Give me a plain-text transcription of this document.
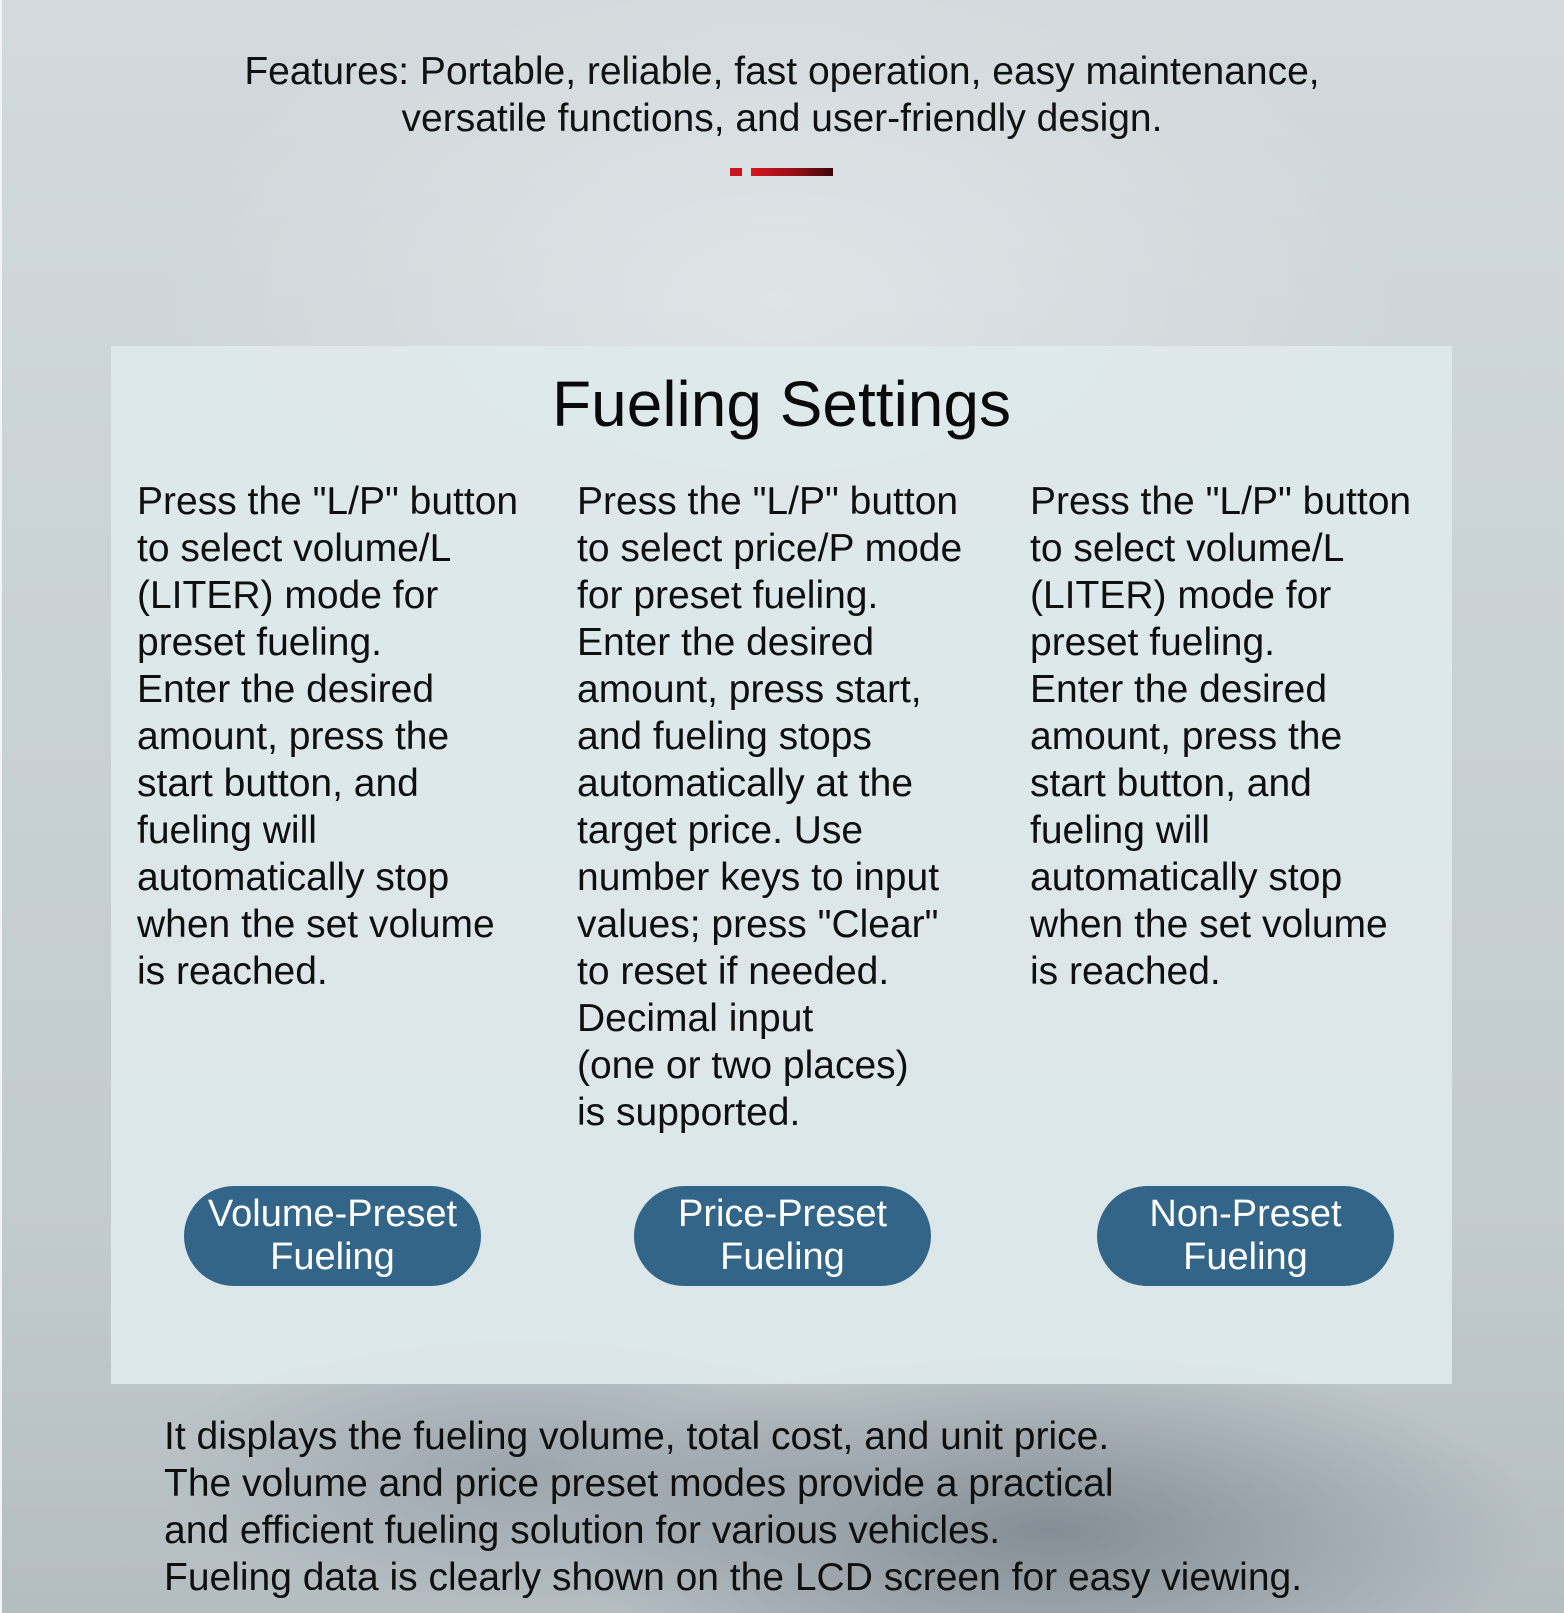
Features: Portable, reliable, fast operation, easy maintenance,
versatile functions, and user-friendly design.

Fueling Settings

Press the "L/P" button
to select volume/L
(LITER) mode for
preset fueling.
Enter the desired
amount, press the
start button, and
fueling will
automatically stop
when the set volume
is reached.

Press the "L/P" button
to select price/P mode
for preset fueling.
Enter the desired
amount, press start,
and fueling stops
automatically at the
target price. Use
number keys to input
values; press "Clear"
to reset if needed.
Decimal input
(one or two places)
is supported.

Press the "L/P" button
to select volume/L
(LITER) mode for
preset fueling.
Enter the desired
amount, press the
start button, and
fueling will
automatically stop
when the set volume
is reached.

Volume-Preset
Fueling
Price-Preset
Fueling
Non-Preset
Fueling

It displays the fueling volume, total cost, and unit price.
The volume and price preset modes provide a practical
and efficient fueling solution for various vehicles.
Fueling data is clearly shown on the LCD screen for easy viewing.
